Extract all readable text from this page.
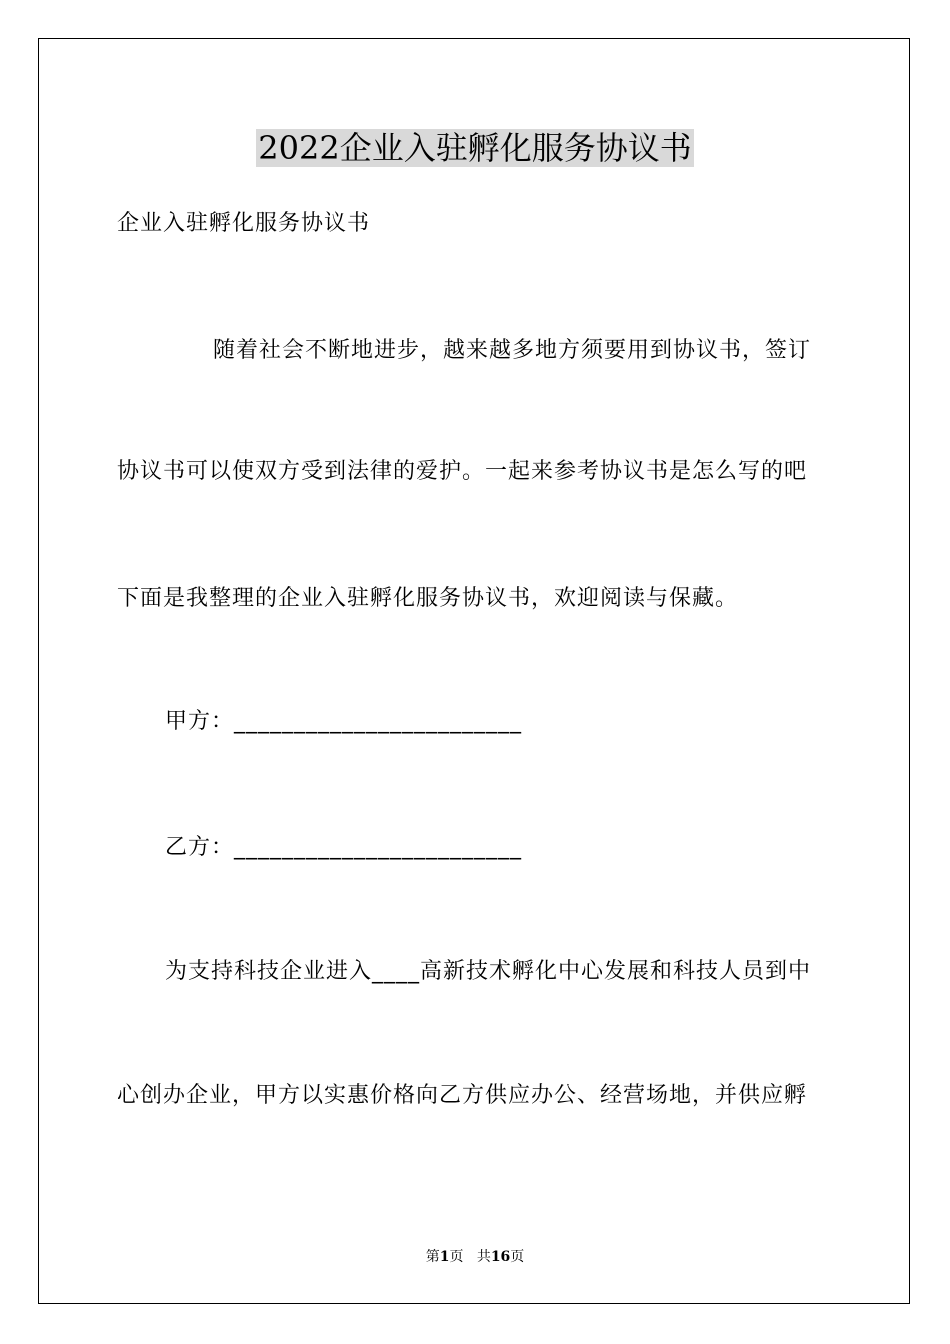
2022企业入驻孵化服务协议书
企业入驻孵化服务协议书
随着社会不断地进步，越来越多地方须要用到协议书，签订
协议书可以使双方受到法律的爱护。一起来参考协议书是怎么写的吧
下面是我整理的企业入驻孵化服务协议书，欢迎阅读与保藏。
甲方：________________________
乙方：________________________
为支持科技企业进入____高新技术孵化中心发展和科技人员到中
心创办企业，甲方以实惠价格向乙方供应办公、经营场地，并供应孵
第1页 共16页
